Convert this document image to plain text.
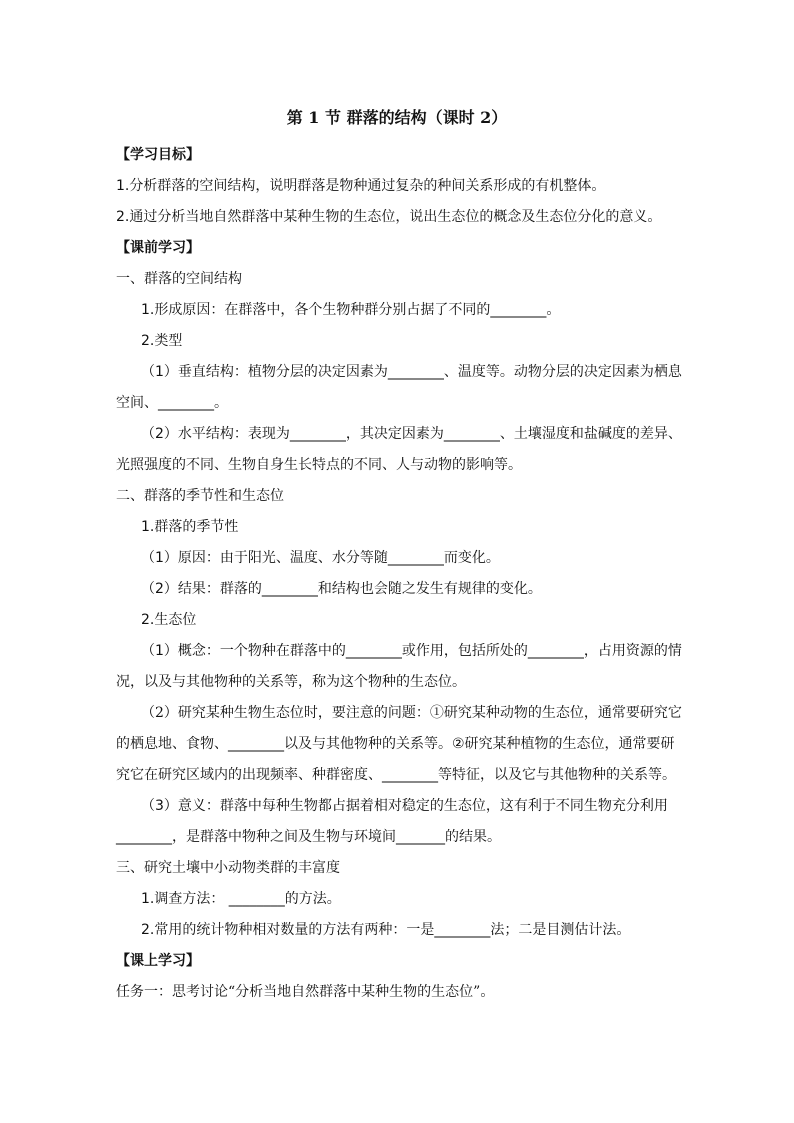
第 1 节 群落的结构（课时 2）
【学习目标】
1.分析群落的空间结构，说明群落是物种通过复杂的种间关系形成的有机整体。
2.通过分析当地自然群落中某种生物的生态位，说出生态位的概念及生态位分化的意义。
【课前学习】
一、群落的空间结构
1.形成原因：在群落中，各个生物种群分别占据了不同的________。
2.类型
（1）垂直结构：植物分层的决定因素为________、温度等。动物分层的决定因素为栖息
空间、________。
（2）水平结构：表现为________，其决定因素为________、土壤湿度和盐碱度的差异、
光照强度的不同、生物自身生长特点的不同、人与动物的影响等。
二、群落的季节性和生态位
1.群落的季节性
（1）原因：由于阳光、温度、水分等随________而变化。
（2）结果：群落的________和结构也会随之发生有规律的变化。
2.生态位
（1）概念：一个物种在群落中的________或作用，包括所处的________，占用资源的情
况，以及与其他物种的关系等，称为这个物种的生态位。
（2）研究某种生物生态位时，要注意的问题：①研究某种动物的生态位，通常要研究它
的栖息地、食物、________以及与其他物种的关系等。②研究某种植物的生态位，通常要研
究它在研究区域内的出现频率、种群密度、________等特征，以及它与其他物种的关系等。
（3）意义：群落中每种生物都占据着相对稳定的生态位，这有利于不同生物充分利用
________，是群落中物种之间及生物与环境间_______的结果。
三、研究土壤中小动物类群的丰富度
1.调查方法： ________的方法。
2.常用的统计物种相对数量的方法有两种：一是________法；二是目测估计法。
【课上学习】
任务一：思考讨论“分析当地自然群落中某种生物的生态位”。
